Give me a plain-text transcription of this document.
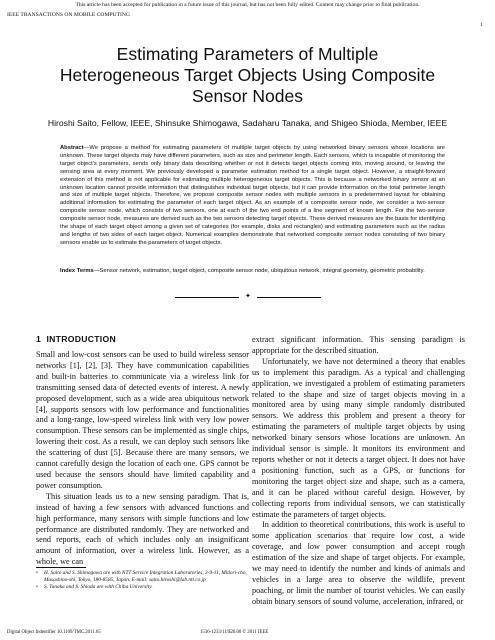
This article has been accepted for publication in a future issue of this journal, but has not been fully edited. Content may change prior to final publication.
IEEE TRANSACTIONS ON MOBILE COMPUTING
1
Estimating Parameters of Multiple
Heterogeneous Target Objects Using Composite
Sensor Nodes
Hiroshi Saito, Fellow, IEEE, Shinsuke Shimogawa, Sadaharu Tanaka, and Shigeo Shioda, Member, IEEE
Abstract—We propose a method for estimating parameters of multiple target objects by using networked binary sensors whose locations are unknown. These target objects may have different parameters, such as size and perimeter length. Each sensors, which is incapable of monitoring the target object's parameters, sends only binary data describing whether or not it detects target objects coming into, moving around, or leaving the sensing area at every moment. We previously developed a parameter estimation method for a single target object. However, a straight-forward extension of this method is not applicable for estimating multiple heterogeneous target objects. This is because a networked binary sensor at an unknown location cannot provide information that distinguishes individual target objects, but it can provide information on the total perimeter length and size of multiple target objects. Therefore, we propose composite sensor nodes with multiple sensors in a predetermined layout for obtaining additional information for estimating the parameter of each target object. As an example of a composite sensor node, we consider a two-sensor composite sensor node, which consists of two sensors, one at each of the two end points of a line segment of known length. For the two-sensor composite sensor node, measures are derived such as the two sensors detecting target objects. These derived measures are the basis for identifying the shape of each target object among a given set of categories (for example, disks and rectangles) and estimating parameters such as the radius and lengths of two sides of each target object. Numerical examples demonstrate that networked composite sensor nodes consisting of two binary sensors enable us to estimate the parameters of target objects.
Index Terms—Sensor network, estimation, target object, composite sensor node, ubiquitous network, integral geometry, geometric probability.
✦
1 INTRODUCTION

Small and low-cost sensors can be used to build wireless sensor networks [1], [2], [3]. They have communication capabilities and built-in batteries to communicate via a wireless link for transmitting sensed data of detected events of interest. A newly proposed development, such as a wide area ubiquitous network [4], supports sensors with low performance and functionalities and a long-range, low-speed wireless link with very low power consumption. These sensors can be implemented as single chips, lowering their cost. As a result, we can deploy such sensors like the scattering of dust [5]. Because there are many sensors, we cannot carefully design the location of each one. GPS cannot be used because the sensors should have limited capability and power consumption.

This situation leads us to a new sensing paradigm. That is, instead of having a few sensors with advanced functions and high performance, many sensors with simple functions and low performance are distributed randomly. They are networked and send reports, each of which includes only an insignificant amount of information, over a wireless link. However, as a whole, we can

• H. Saito and S. Shimogawa are with NTT Service Integration Laboratories, 3-9-11, Midori-cho, Musashino-shi, Tokyo, 180-8585, Japan. E-mail: saito.hiroshi@lab.ntt.co.jp
• S. Tanaka and S. Shioda are with Chiba University.

extract significant information. This sensing paradigm is appropriate for the described situation.

Unfortunately, we have not determined a theory that enables us to implement this paradigm. As a typical and challenging application, we investigated a problem of estimating parameters related to the shape and size of target objects moving in a monitored area by using many simple randomly distributed sensors. We address this problem and present a theory for estimating the parameters of multiple target objects by using networked binary sensors whose locations are unknown. An individual sensor is simple. It monitors its environment and reports whether or not it detects a target object. It does not have a positioning function, such as a GPS, or functions for monitoring the target object size and shape, such as a camera, and it can be placed without careful design. However, by collecting reports from individual sensors, we can statistically estimate the parameters of target objects.

In addition to theoretical contributions, this work is useful to some application scenarios that require low cost, a wide coverage, and low power consumption and accept rough estimation of the size and shape of target objects. For example, we may need to identify the number and kinds of animals and vehicles in a large area to observe the wildlife, prevent poaching, or limit the number of tourist vehicles. We can easily obtain binary sensors of sound volume, acceleration, infrared, or

Digital Object Indentifier 10.1109/TMC.2011.65	1536-1233/11/$26.00 © 2011 IEEE
